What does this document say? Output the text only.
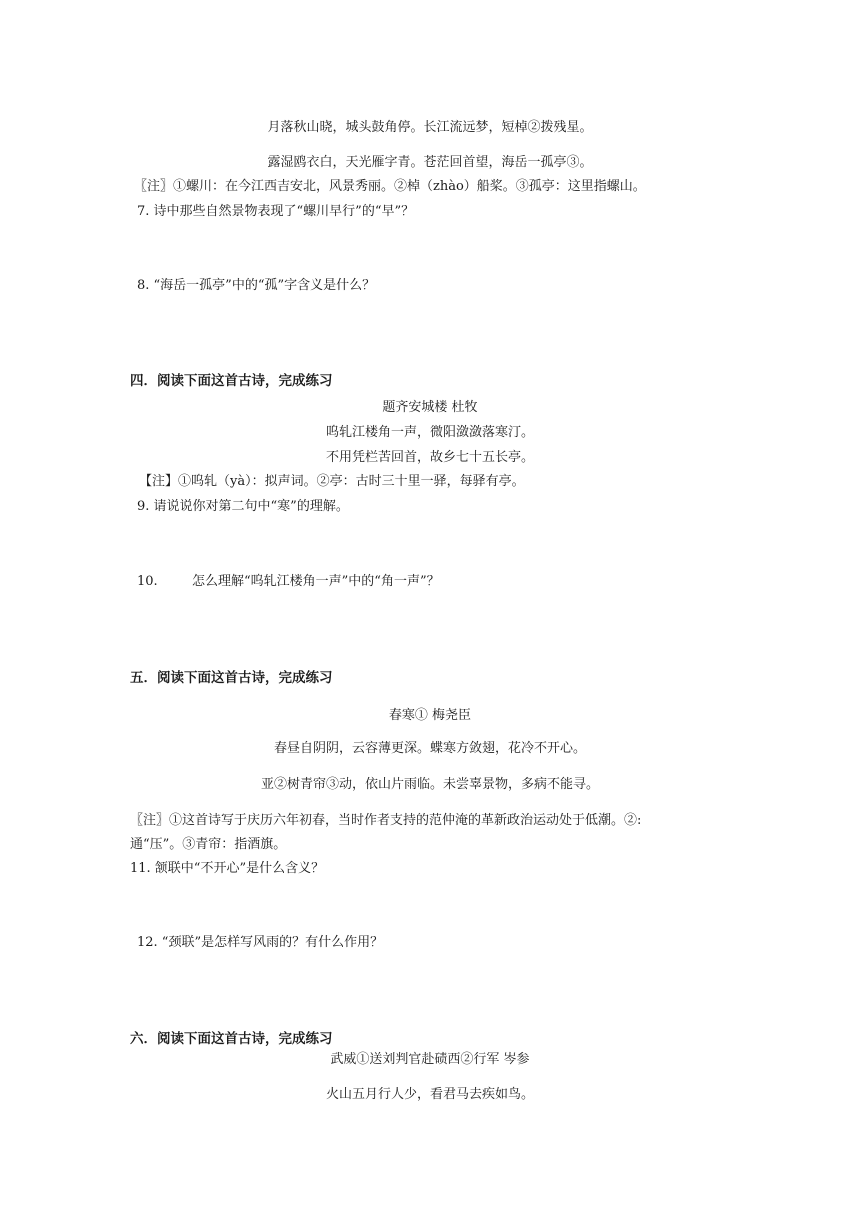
月落秋山晓，城头鼓角停。长江流远梦，短棹②拨残星。
露湿鸥衣白，天光雁字青。苍茫回首望，海岳一孤亭③。
〖注〗①螺川：在今江西吉安北，风景秀丽。②棹（zhào）船桨。③孤亭：这里指螺山。
7. 诗中那些自然景物表现了“螺川早行”的“早”？
8. “海岳一孤亭”中的“孤”字含义是什么？
四．阅读下面这首古诗，完成练习
题齐安城楼 杜牧
呜轧江楼角一声，微阳潋潋落寒汀。
不用凭栏苦回首，故乡七十五长亭。
【注】①呜轧（yà）：拟声词。②亭：古时三十里一驿，每驿有亭。
9. 请说说你对第二句中“寒”的理解。
10.	怎么理解“呜轧江楼角一声”中的“角一声”？
五．阅读下面这首古诗，完成练习
春寒① 梅尧臣
春昼自阴阴，云容薄更深。蝶寒方敛翅，花冷不开心。
亚②树青帘③动，依山片雨临。未尝辜景物，多病不能寻。
〖注〗①这首诗写于庆历六年初春，当时作者支持的范仲淹的革新政治运动处于低潮。②:
通“压”。③青帘：指酒旗。
11. 颔联中“不开心”是什么含义？
12. “颈联”是怎样写风雨的？有什么作用？
六．阅读下面这首古诗，完成练习
武威①送刘判官赴碛西②行军 岑参
火山五月行人少，看君马去疾如鸟。
